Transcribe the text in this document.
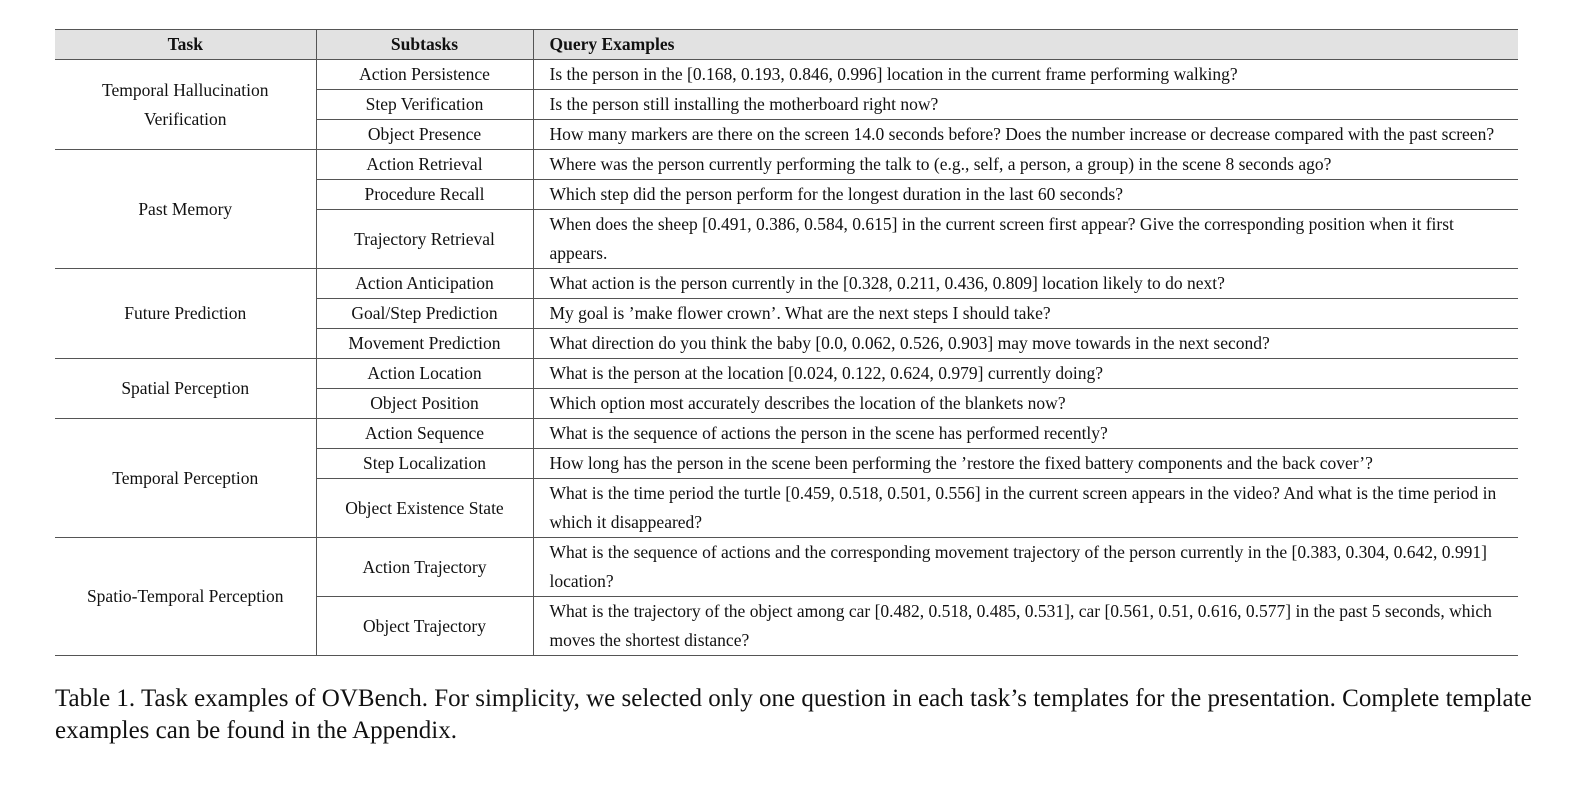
Task	Subtasks	Query Examples

Temporal Hallucination
Verification	Action Persistence	Is the person in the [0.168, 0.193, 0.846, 0.996] location in the current frame performing walking?
	Step Verification	Is the person still installing the motherboard right now?
	Object Presence	How many markers are there on the screen 14.0 seconds before? Does the number increase or decrease compared with the past screen?

Past Memory	Action Retrieval	Where was the person currently performing the talk to (e.g., self, a person, a group) in the scene 8 seconds ago?
	Procedure Recall	Which step did the person perform for the longest duration in the last 60 seconds?
	Trajectory Retrieval	When does the sheep [0.491, 0.386, 0.584, 0.615] in the current screen first appear? Give the corresponding position when it first appears.

Future Prediction	Action Anticipation	What action is the person currently in the [0.328, 0.211, 0.436, 0.809] location likely to do next?
	Goal/Step Prediction	My goal is ’make flower crown’. What are the next steps I should take?
	Movement Prediction	What direction do you think the baby [0.0, 0.062, 0.526, 0.903] may move towards in the next second?

Spatial Perception	Action Location	What is the person at the location [0.024, 0.122, 0.624, 0.979] currently doing?
	Object Position	Which option most accurately describes the location of the blankets now?

Temporal Perception	Action Sequence	What is the sequence of actions the person in the scene has performed recently?
	Step Localization	How long has the person in the scene been performing the ’restore the fixed battery components and the back cover’?
	Object Existence State	What is the time period the turtle [0.459, 0.518, 0.501, 0.556] in the current screen appears in the video? And what is the time period in which it disappeared?

Spatio-Temporal Perception	Action Trajectory	What is the sequence of actions and the corresponding movement trajectory of the person currently in the [0.383, 0.304, 0.642, 0.991] location?
	Object Trajectory	What is the trajectory of the object among car [0.482, 0.518, 0.485, 0.531], car [0.561, 0.51, 0.616, 0.577] in the past 5 seconds, which moves the shortest distance?
Table 1. Task examples of OVBench. For simplicity, we selected only one question in each task’s templates for the presentation. Complete template examples can be found in the Appendix.
